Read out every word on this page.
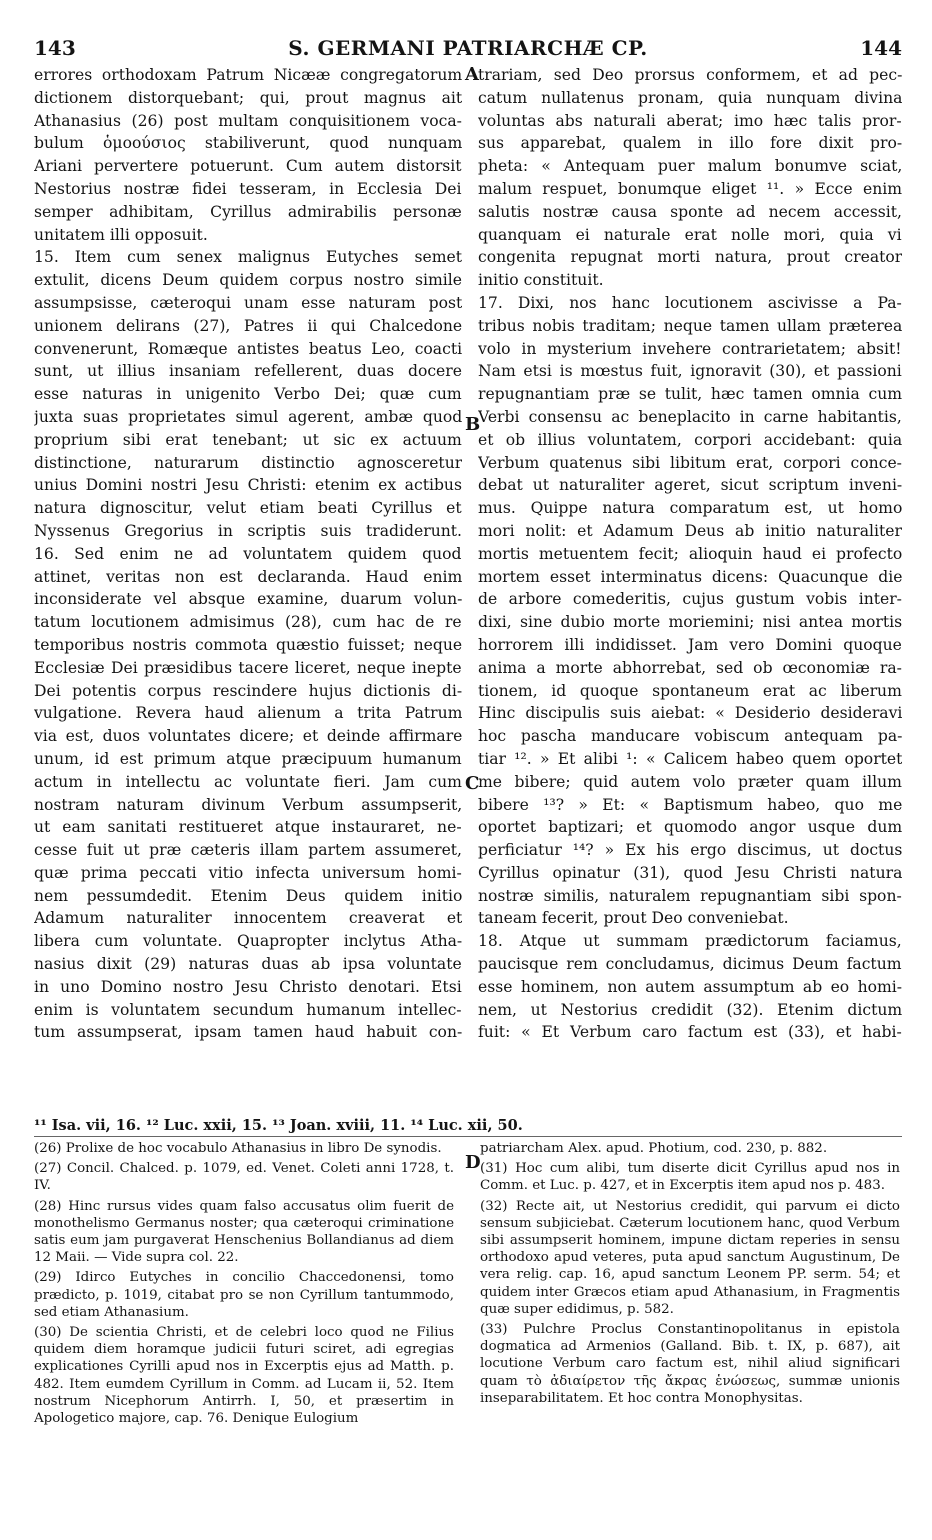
143	S. GERMANI PATRIARCHÆ CP.	144
A
B
C
D
errores orthodoxam Patrum Nicææ congregatorum
dictionem distorquebant; qui, prout magnus ait
Athanasius (26) post multam conquisitionem voca-
bulum ὁμοούσιος stabiliverunt, quod nunquam
Ariani pervertere potuerunt. Cum autem distorsit
Nestorius nostræ fidei tesseram, in Ecclesia Dei
semper adhibitam, Cyrillus admirabilis personæ
unitatem illi opposuit.
15. Item cum senex malignus Eutyches semet
extulit, dicens Deum quidem corpus nostro simile
assumpsisse, cæteroqui unam esse naturam post
unionem delirans (27), Patres ii qui Chalcedone
convenerunt, Romæque antistes beatus Leo, coacti
sunt, ut illius insaniam refellerent, duas docere
esse naturas in unigenito Verbo Dei; quæ cum
juxta suas proprietates simul agerent, ambæ quod
proprium sibi erat tenebant; ut sic ex actuum
distinctione, naturarum distinctio agnosceretur
unius Domini nostri Jesu Christi: etenim ex actibus
natura dignoscitur, velut etiam beati Cyrillus et
Nyssenus Gregorius in scriptis suis tradiderunt.
16. Sed enim ne ad voluntatem quidem quod
attinet, veritas non est declaranda. Haud enim
inconsiderate vel absque examine, duarum volun-
tatum locutionem admisimus (28), cum hac de re
temporibus nostris commota quæstio fuisset; neque
Ecclesiæ Dei præsidibus tacere liceret, neque inepte
Dei potentis corpus rescindere hujus dictionis di-
vulgatione. Revera haud alienum a trita Patrum
via est, duos voluntates dicere; et deinde affirmare
unum, id est primum atque præcipuum humanum
actum in intellectu ac voluntate fieri. Jam cum
nostram naturam divinum Verbum assumpserit,
ut eam sanitati restitueret atque instauraret, ne-
cesse fuit ut præ cæteris illam partem assumeret,
quæ prima peccati vitio infecta universum homi-
nem pessumdedit. Etenim Deus quidem initio
Adamum naturaliter innocentem creaverat et
libera cum voluntate. Quapropter inclytus Atha-
nasius dixit (29) naturas duas ab ipsa voluntate
in uno Domino nostro Jesu Christo denotari. Etsi
enim is voluntatem secundum humanum intellec-
tum assumpserat, ipsam tamen haud habuit con-
trariam, sed Deo prorsus conformem, et ad pec-
catum nullatenus pronam, quia nunquam divina
voluntas abs naturali aberat; imo hæc talis pror-
sus apparebat, qualem in illo fore dixit pro-
pheta: « Antequam puer malum bonumve sciat,
malum respuet, bonumque eliget ¹¹. » Ecce enim
salutis nostræ causa sponte ad necem accessit,
quanquam ei naturale erat nolle mori, quia vi
congenita repugnat morti natura, prout creator
initio constituit.
17. Dixi, nos hanc locutionem ascivisse a Pa-
tribus nobis traditam; neque tamen ullam præterea
volo in mysterium invehere contrarietatem; absit!
Nam etsi is mœstus fuit, ignoravit (30), et passioni
repugnantiam præ se tulit, hæc tamen omnia cum
Verbi consensu ac beneplacito in carne habitantis,
et ob illius voluntatem, corpori accidebant: quia
Verbum quatenus sibi libitum erat, corpori conce-
debat ut naturaliter ageret, sicut scriptum inveni-
mus. Quippe natura comparatum est, ut homo
mori nolit: et Adamum Deus ab initio naturaliter
mortis metuentem fecit; alioquin haud ei profecto
mortem esset interminatus dicens: Quacunque die
de arbore comederitis, cujus gustum vobis inter-
dixi, sine dubio morte moriemini; nisi antea mortis
horrorem illi indidisset. Jam vero Domini quoque
anima a morte abhorrebat, sed ob œconomiæ ra-
tionem, id quoque spontaneum erat ac liberum
Hinc discipulis suis aiebat: « Desiderio desideravi
hoc pascha manducare vobiscum antequam pa-
tiar ¹². » Et alibi ¹: « Calicem habeo quem oportet
me bibere; quid autem volo præter quam illum
bibere ¹³? » Et: « Baptismum habeo, quo me
oportet baptizari; et quomodo angor usque dum
perficiatur ¹⁴? » Ex his ergo discimus, ut doctus
Cyrillus opinatur (31), quod Jesu Christi natura
nostræ similis, naturalem repugnantiam sibi spon-
taneam fecerit, prout Deo conveniebat.
18. Atque ut summam prædictorum faciamus,
paucisque rem concludamus, dicimus Deum factum
esse hominem, non autem assumptum ab eo homi-
nem, ut Nestorius credidit (32). Etenim dictum
fuit: « Et Verbum caro factum est (33), et habi-
¹¹ Isa. vii, 16. ¹² Luc. xxii, 15. ¹³ Joan. xviii, 11. ¹⁴ Luc. xii, 50.

(26) Prolixe de hoc vocabulo Athanasius in libro De synodis.

(27) Concil. Chalced. p. 1079, ed. Venet. Coleti anni 1728, t. IV.

(28) Hinc rursus vides quam falso accusatus olim fuerit de monothelismo Germanus noster; qua cæteroqui criminatione satis eum jam purgaverat Henschenius Bollandianus ad diem 12 Maii. — Vide supra col. 22.

(29) Idirco Eutyches in concilio Chaccedonensi, tomo prædicto, p. 1019, citabat pro se non Cyrillum tantummodo, sed etiam Athanasium.

(30) De scientia Christi, et de celebri loco quod ne Filius quidem diem horamque judicii futuri sciret, adi egregias explicationes Cyrilli apud nos in Excerptis ejus ad Matth. p. 482. Item eumdem Cyrillum in Comm. ad Lucam ii, 52. Item nostrum Nicephorum Antirrh. I, 50, et præsertim in Apologetico majore, cap. 76. Denique Eulogium

patriarcham Alex. apud. Photium, cod. 230, p. 882.

(31) Hoc cum alibi, tum diserte dicit Cyrillus apud nos in Comm. et Luc. p. 427, et in Excerptis item apud nos p. 483.

(32) Recte ait, ut Nestorius credidit, qui parvum ei dicto sensum subjiciebat. Cæterum locutionem hanc, quod Verbum sibi assumpserit hominem, impune dictam reperies in sensu orthodoxo apud veteres, puta apud sanctum Augustinum, De vera relig. cap. 16, apud sanctum Leonem PP. serm. 54; et quidem inter Græcos etiam apud Athanasium, in Fragmentis quæ super edidimus, p. 582.

(33) Pulchre Proclus Constantinopolitanus in epistola dogmatica ad Armenios (Galland. Bib. t. IX, p. 687), ait locutione Verbum caro factum est, nihil aliud significari quam τὸ ἀδιαίρετον τῆς ἄκρας ἑνώσεως, summæ unionis inseparabilitatem. Et hoc contra Monophysitas.
